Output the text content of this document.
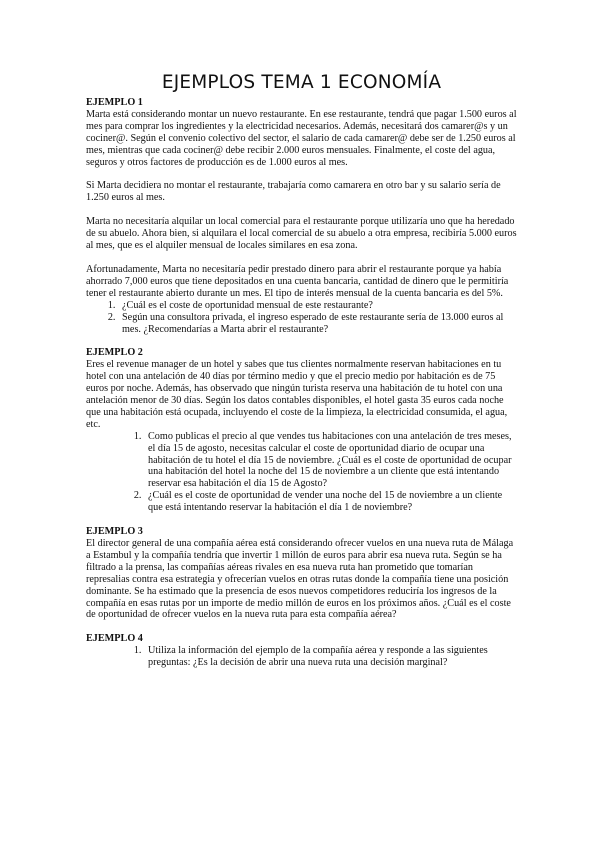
EJEMPLOS TEMA 1 ECONOMÍA

EJEMPLO 1

Marta está considerando montar un nuevo restaurante. En ese restaurante, tendrá que pagar 1.500 euros al mes para comprar los ingredientes y la electricidad necesarios. Además, necesitará dos camarer@s y un cociner@. Según el convenio colectivo del sector, el salario de cada camarer@ debe ser de 1.250 euros al mes, mientras que cada cociner@ debe recibir 2.000 euros mensuales. Finalmente, el coste del agua, seguros y otros factores de producción es de 1.000 euros al mes.

Si Marta decidiera no montar el restaurante, trabajaría como camarera en otro bar y su salario sería de 1.250 euros al mes.

Marta no necesitaría alquilar un local comercial para el restaurante porque utilizaría uno que ha heredado de su abuelo. Ahora bien, si alquilara el local comercial de su abuelo a otra empresa, recibiría 5.000 euros al mes, que es el alquiler mensual de locales similares en esa zona.

Afortunadamente, Marta no necesitaría pedir prestado dinero para abrir el restaurante porque ya había ahorrado 7,000 euros que tiene depositados en una cuenta bancaria, cantidad de dinero que le permitiría tener el restaurante abierto durante un mes. El tipo de interés mensual de la cuenta bancaria es del 5%.

1. ¿Cuál es el coste de oportunidad mensual de este restaurante?
2. Según una consultora privada, el ingreso esperado de este restaurante sería de 13.000 euros al mes. ¿Recomendarías a Marta abrir el restaurante?

EJEMPLO 2

Eres el revenue manager de un hotel y sabes que tus clientes normalmente reservan habitaciones en tu hotel con una antelación de 40 días por término medio y que el precio medio por habitación es de 75 euros por noche. Además, has observado que ningún turista reserva una habitación de tu hotel con una antelación menor de 30 días. Según los datos contables disponibles, el hotel gasta 35 euros cada noche que una habitación está ocupada, incluyendo el coste de la limpieza, la electricidad consumida, el agua, etc.

1. Como publicas el precio al que vendes tus habitaciones con una antelación de tres meses, el día 15 de agosto, necesitas calcular el coste de oportunidad diario de ocupar una habitación de tu hotel el día 15 de noviembre. ¿Cuál es el coste de oportunidad de ocupar una habitación del hotel la noche del 15 de noviembre a un cliente que está intentando reservar esa habitación el día 15 de Agosto?
2. ¿Cuál es el coste de oportunidad de vender una noche del 15 de noviembre a un cliente que está intentando reservar la habitación el día 1 de noviembre?

EJEMPLO 3

El director general de una compañía aérea está considerando ofrecer vuelos en una nueva ruta de Málaga a Estambul y la compañía tendría que invertir 1 millón de euros para abrir esa nueva ruta. Según se ha filtrado a la prensa, las compañías aéreas rivales en esa nueva ruta han prometido que tomarían represalias contra esa estrategia y ofrecerían vuelos en otras rutas donde la compañía tiene una posición dominante. Se ha estimado que la presencia de esos nuevos competidores reduciría los ingresos de la compañía en esas rutas por un importe de medio millón de euros en los próximos años. ¿Cuál es el coste de oportunidad de ofrecer vuelos en la nueva ruta para esta compañía aérea?

EJEMPLO 4

1. Utiliza la información del ejemplo de la compañía aérea y responde a las siguientes preguntas: ¿Es la decisión de abrir una nueva ruta una decisión marginal?
